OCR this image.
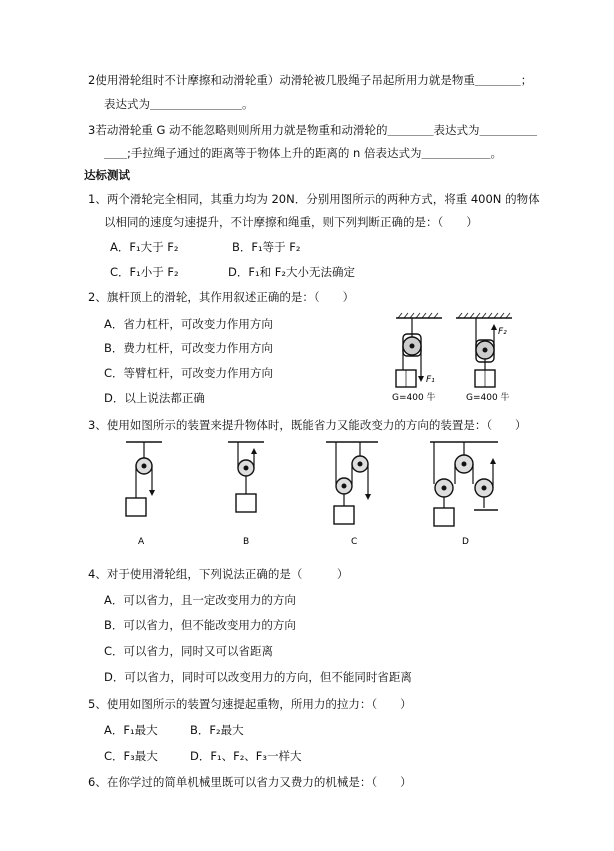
2使用滑轮组时不计摩擦和动滑轮重）动滑轮被几股绳子吊起所用力就是物重＿＿＿＿；
表达式为＿＿＿＿＿＿＿＿。
3若动滑轮重 G 动不能忽略则则所用力就是物重和动滑轮的＿＿＿＿表达式为＿＿＿＿＿
＿＿;手拉绳子通过的距离等于物体上升的距离的 n 倍表达式为＿＿＿＿＿＿。
达标测试
1、两个滑轮完全相同，其重力均为 20N．分别用图所示的两种方式，将重 400N 的物体
以相同的速度匀速提升，不计摩擦和绳重，则下列判断正确的是：（　　）
A．F₁大于 F₂	B．F₁等于 F₂
C．F₁小于 F₂	D．F₁和 F₂大小无法确定
2、旗杆顶上的滑轮，其作用叙述正确的是：（　　）
A．省力杠杆，可改变力作用方向
B．费力杠杆，可改变力作用方向
C．等臂杠杆，可改变力作用方向
D．以上说法都正确
F₁
G=400 牛
F₂
G=400 牛
3、使用如图所示的装置来提升物体时，既能省力又能改变力的方向的装置是：（　　）
A	B	C	D
4、对于使用滑轮组，下列说法正确的是（　　　）
A．可以省力，且一定改变用力的方向
B．可以省力，但不能改变用力的方向
C．可以省力，同时又可以省距离
D．可以省力，同时可以改变用力的方向，但不能同时省距离
5、使用如图所示的装置匀速提起重物，所用力的拉力：（　　）
A．F₁最大	B．F₂最大
C．F₃最大	D．F₁、F₂、F₃一样大
6、在你学过的简单机械里既可以省力又费力的机械是：（　　）
